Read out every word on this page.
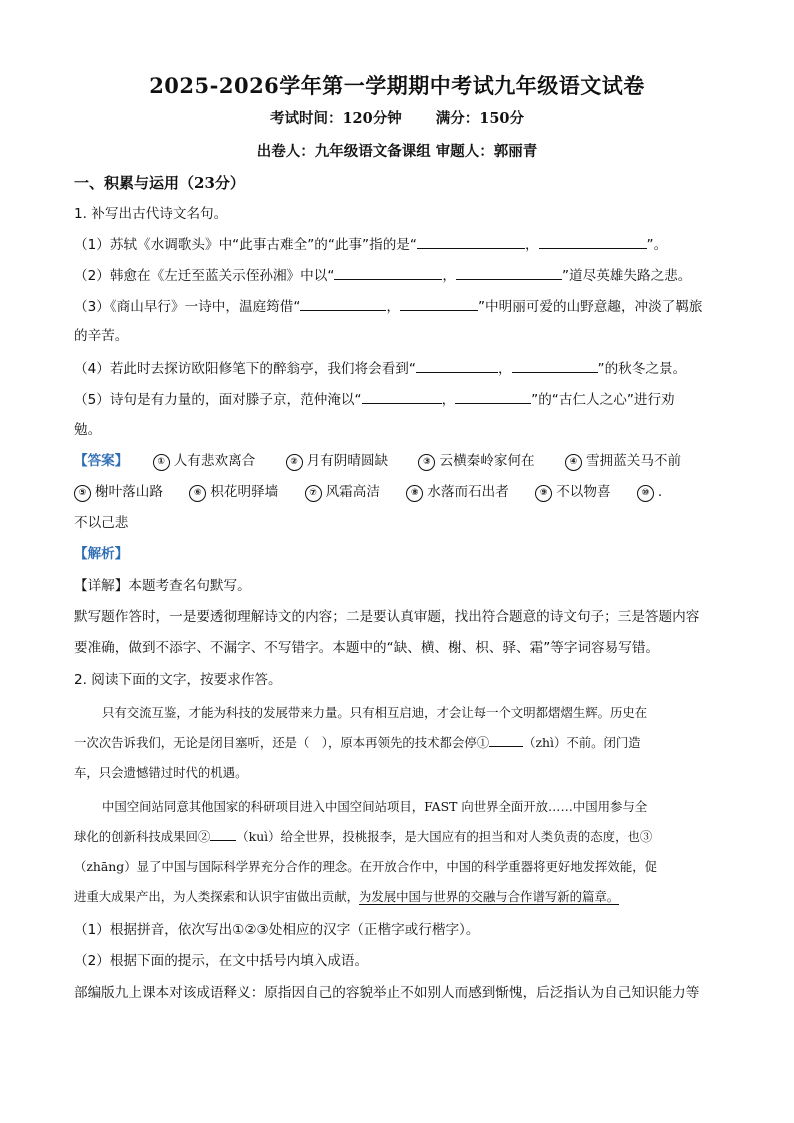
2025-2026学年第一学期期中考试九年级语文试卷
考试时间：120分钟 满分：150分
出卷人：九年级语文备课组 审题人：郭丽青
一、积累与运用（23分）
1. 补写出古代诗文名句。
（1）苏轼《水调歌头》中“此事古难全”的“此事”指的是“	，	”。
（2）韩愈在《左迁至蓝关示侄孙湘》中以“	，	”道尽英雄失路之悲。
（3）《商山早行》一诗中，温庭筠借“	，	”中明丽可爱的山野意趣，冲淡了羁旅
的辛苦。
（4）若此时去探访欧阳修笔下的醉翁亭，我们将会看到“	，	”的秋冬之景。
（5）诗句是有力量的，面对滕子京，范仲淹以“	，	”的“古仁人之心”进行劝
勉。
【答案】	① 人有悲欢离合	② 月有阴晴圆缺	③ 云横秦岭家何在	④ 雪拥蓝关马不前
⑤ 榭叶落山路	⑥ 枳花明驿墙	⑦ 风霜高洁	⑧ 水落而石出者	⑨ 不以物喜	⑩ .
不以己悲
【解析】
【详解】本题考查名句默写。
默写题作答时，一是要透彻理解诗文的内容；二是要认真审题，找出符合题意的诗文句子；三是答题内容
要准确，做到不添字、不漏字、不写错字。本题中的“缺、横、榭、枳、驿、霜”等字词容易写错。
2. 阅读下面的文字，按要求作答。
只有交流互鉴，才能为科技的发展带来力量。只有相互启迪，才会让每一个文明都熠熠生辉。历史在
一次次告诉我们，无论是闭目塞听，还是（　），原本再领先的技术都会停①	（zhì）不前。闭门造
车，只会遗憾错过时代的机遇。
中国空间站同意其他国家的科研项目进入中国空间站项目，FAST 向世界全面开放……中国用参与全
球化的创新科技成果回② （kuì）给全世界，投桃报李，是大国应有的担当和对人类负责的态度，也③
（zhāng）显了中国与国际科学界充分合作的理念。在开放合作中，中国的科学重器将更好地发挥效能，促
进重大成果产出，为人类探索和认识宇宙做出贡献，为发展中国与世界的交融与合作谱写新的篇章。
（1）根据拼音，依次写出①②③处相应的汉字（正楷字或行楷字）。
（2）根据下面的提示，在文中括号内填入成语。
部编版九上课本对该成语释义：原指因自己的容貌举止不如别人而感到惭愧，后泛指认为自己知识能力等
